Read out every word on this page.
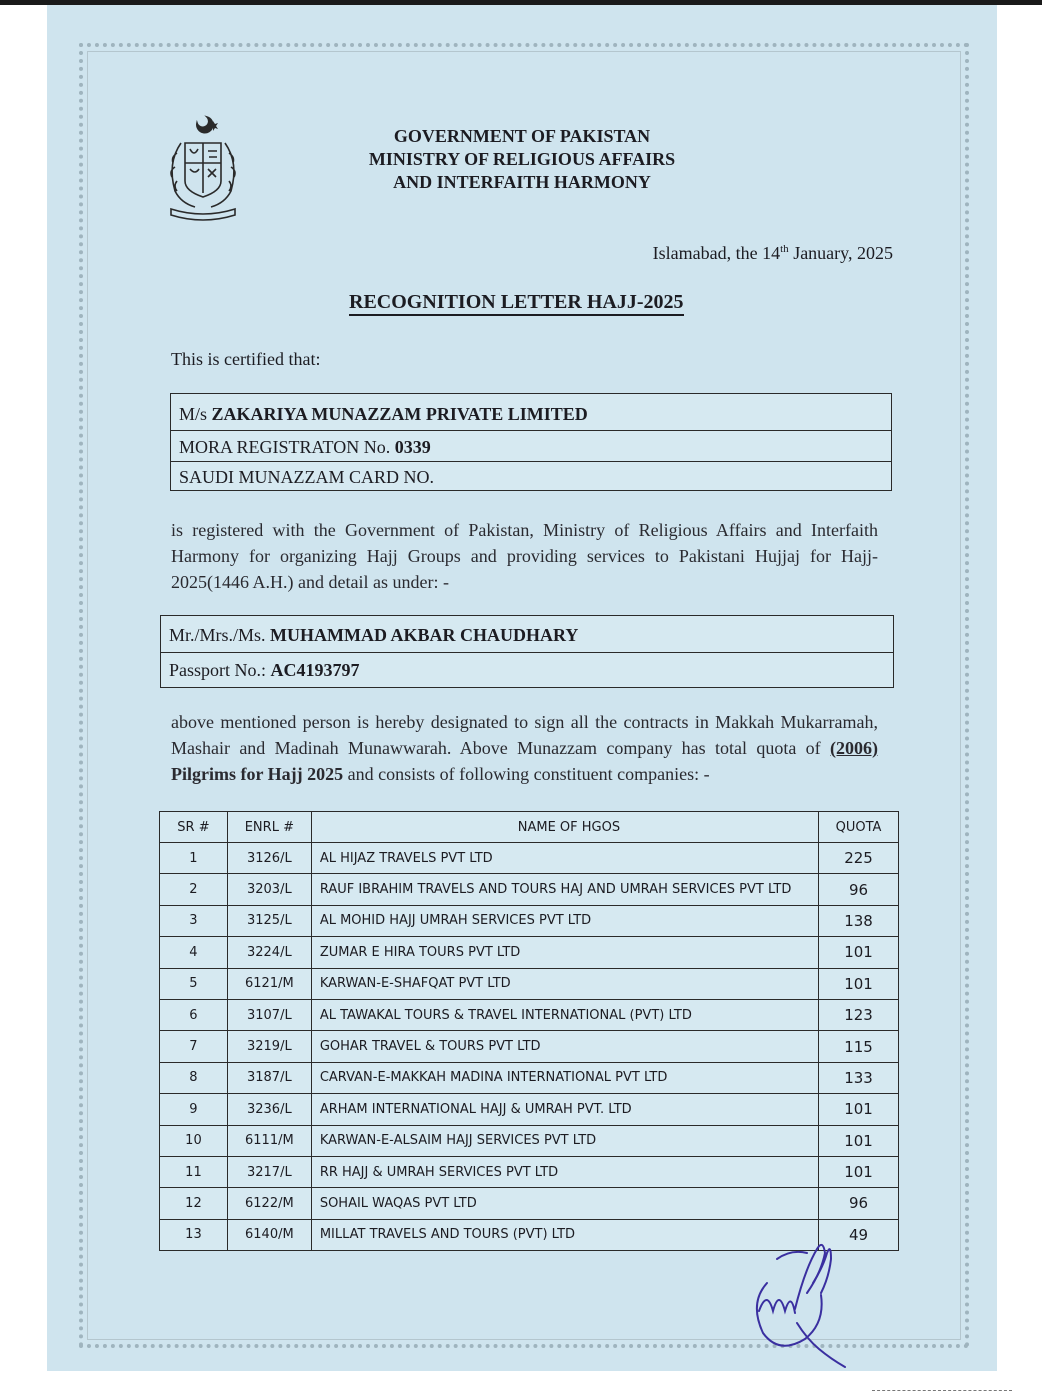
GOVERNMENT OF PAKISTAN
MINISTRY OF RELIGIOUS AFFAIRS
AND INTERFAITH HARMONY
Islamabad, the 14th January, 2025
RECOGNITION LETTER HAJJ-2025
This is certified that:
M/s ZAKARIYA MUNAZZAM PRIVATE LIMITED
MORA REGISTRATON No. 0339
SAUDI MUNAZZAM CARD NO.
is registered with the Government of Pakistan, Ministry of Religious Affairs and Interfaith Harmony for organizing Hajj Groups and providing services to Pakistani Hujjaj for Hajj-2025(1446 A.H.) and detail as under: -
Mr./Mrs./Ms. MUHAMMAD AKBAR CHAUDHARY
Passport No.: AC4193797
above mentioned person is hereby designated to sign all the contracts in Makkah Mukarramah, Mashair and Madinah Munawwarah. Above Munazzam company has total quota of (2006) Pilgrims for Hajj 2025 and consists of following constituent companies: -
SR #	ENRL #	NAME OF HGOS	QUOTA
1	3126/L	AL HIJAZ TRAVELS PVT LTD	225
2	3203/L	RAUF IBRAHIM TRAVELS AND TOURS HAJ AND UMRAH SERVICES PVT LTD	96
3	3125/L	AL MOHID HAJJ UMRAH SERVICES PVT LTD	138
4	3224/L	ZUMAR E HIRA TOURS PVT LTD	101
5	6121/M	KARWAN-E-SHAFQAT PVT LTD	101
6	3107/L	AL TAWAKAL TOURS & TRAVEL INTERNATIONAL (PVT) LTD	123
7	3219/L	GOHAR TRAVEL & TOURS PVT LTD	115
8	3187/L	CARVAN-E-MAKKAH MADINA INTERNATIONAL PVT LTD	133
9	3236/L	ARHAM INTERNATIONAL HAJJ & UMRAH PVT. LTD	101
10	6111/M	KARWAN-E-ALSAIM HAJJ SERVICES PVT LTD	101
11	3217/L	RR HAJJ & UMRAH SERVICES PVT LTD	101
12	6122/M	SOHAIL WAQAS PVT LTD	96
13	6140/M	MILLAT TRAVELS AND TOURS (PVT) LTD	49
